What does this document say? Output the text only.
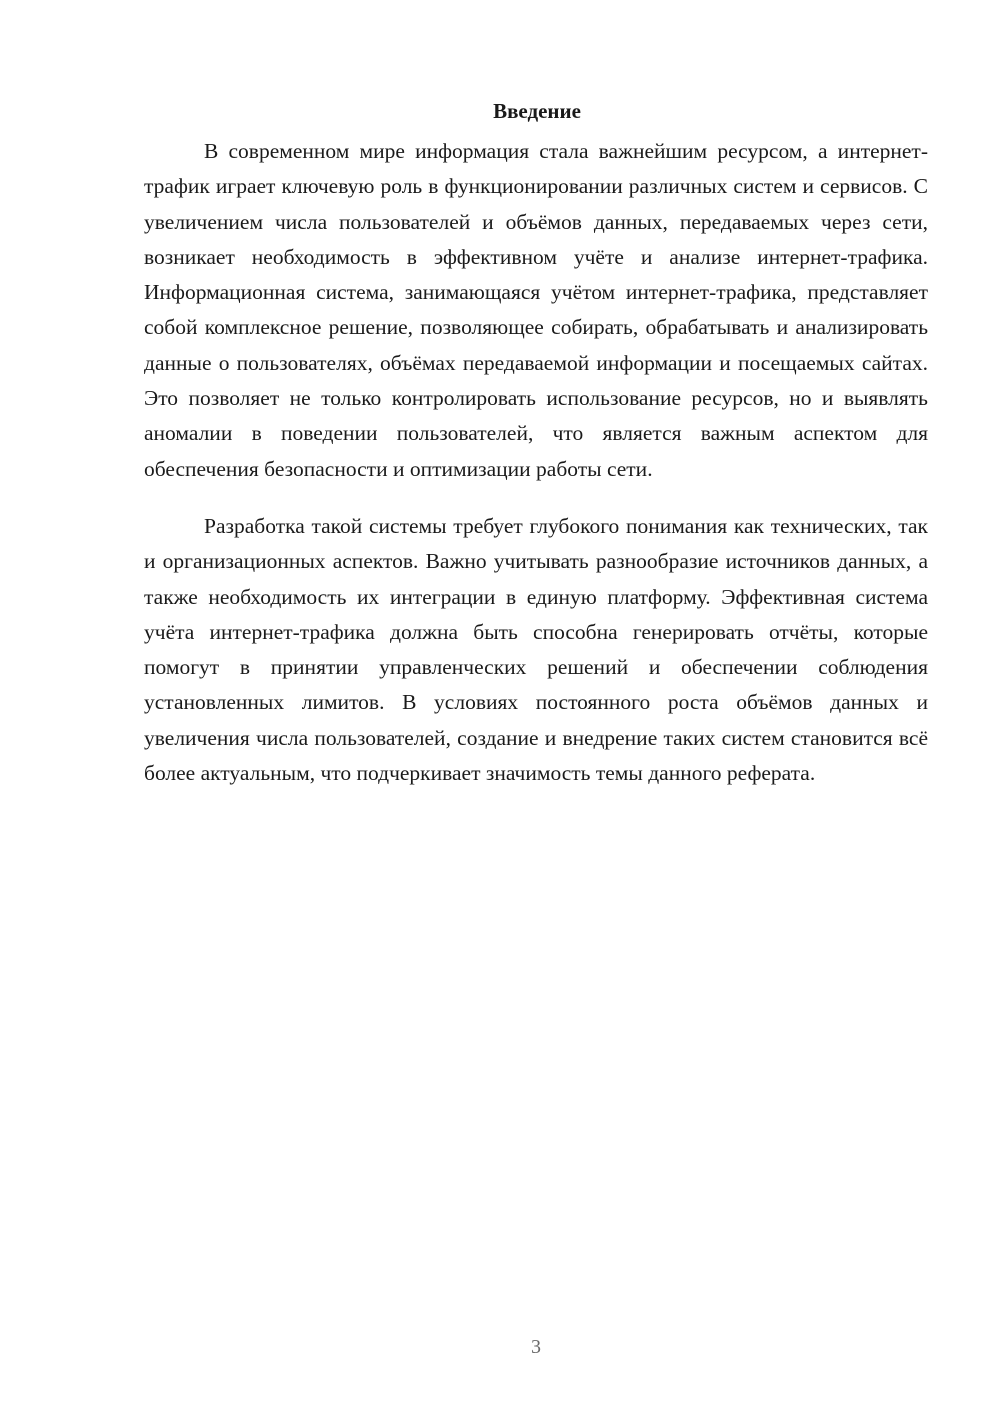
Введение

В современном мире информация стала важнейшим ресурсом, а интернет-трафик играет ключевую роль в функционировании различных систем и сервисов. С увеличением числа пользователей и объёмов данных, передаваемых через сети, возникает необходимость в эффективном учёте и анализе интернет-трафика. Информационная система, занимающаяся учётом интернет-трафика, представляет собой комплексное решение, позволяющее собирать, обрабатывать и анализировать данные о пользователях, объёмах передаваемой информации и посещаемых сайтах. Это позволяет не только контролировать использование ресурсов, но и выявлять аномалии в поведении пользователей, что является важным аспектом для обеспечения безопасности и оптимизации работы сети.

Разработка такой системы требует глубокого понимания как технических, так и организационных аспектов. Важно учитывать разнообразие источников данных, а также необходимость их интеграции в единую платформу. Эффективная система учёта интернет-трафика должна быть способна генерировать отчёты, которые помогут в принятии управленческих решений и обеспечении соблюдения установленных лимитов. В условиях постоянного роста объёмов данных и увеличения числа пользователей, создание и внедрение таких систем становится всё более актуальным, что подчеркивает значимость темы данного реферата.

3
